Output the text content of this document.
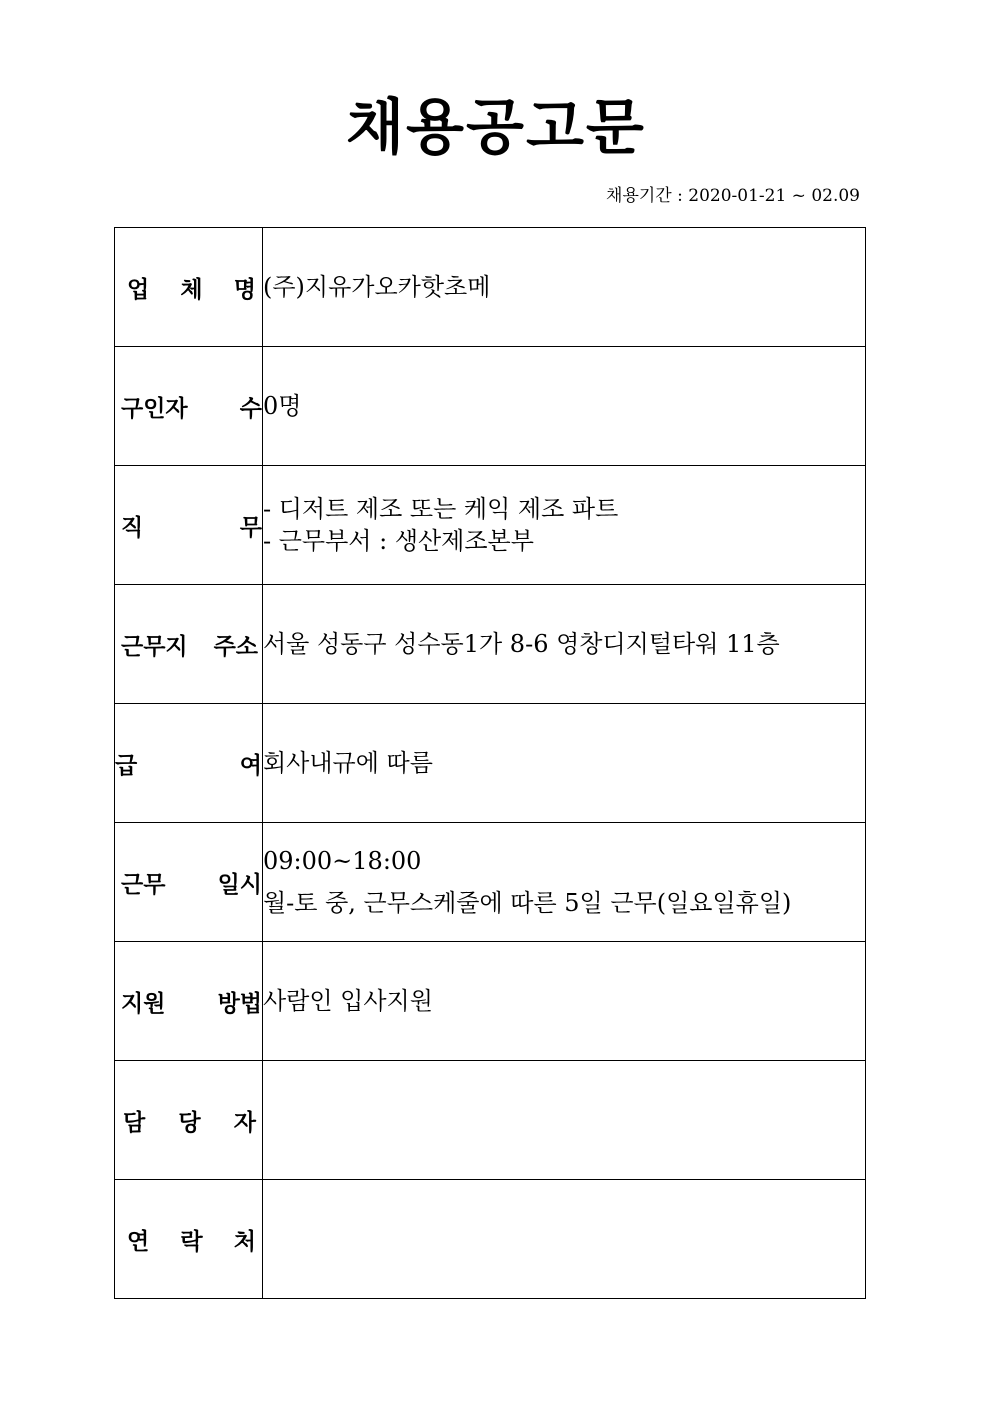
채용공고문
채용기간 : 2020-01-21 ~ 02.09
업 체 명	(주)지유가오카핫초메

구인자 수	0명

직 무	- 디저트 제조 또는 케익 제조 파트
- 근무부서 : 생산제조본부

근무지 주소	서울 성동구 성수동1가 8-6 영창디지털타워 11층

급 여	회사내규에 따름

근무 일시	09:00~18:00
월-토 중, 근무스케줄에 따른 5일 근무(일요일휴일)

지원 방법	사람인 입사지원

담 당 자	

연 락 처	
